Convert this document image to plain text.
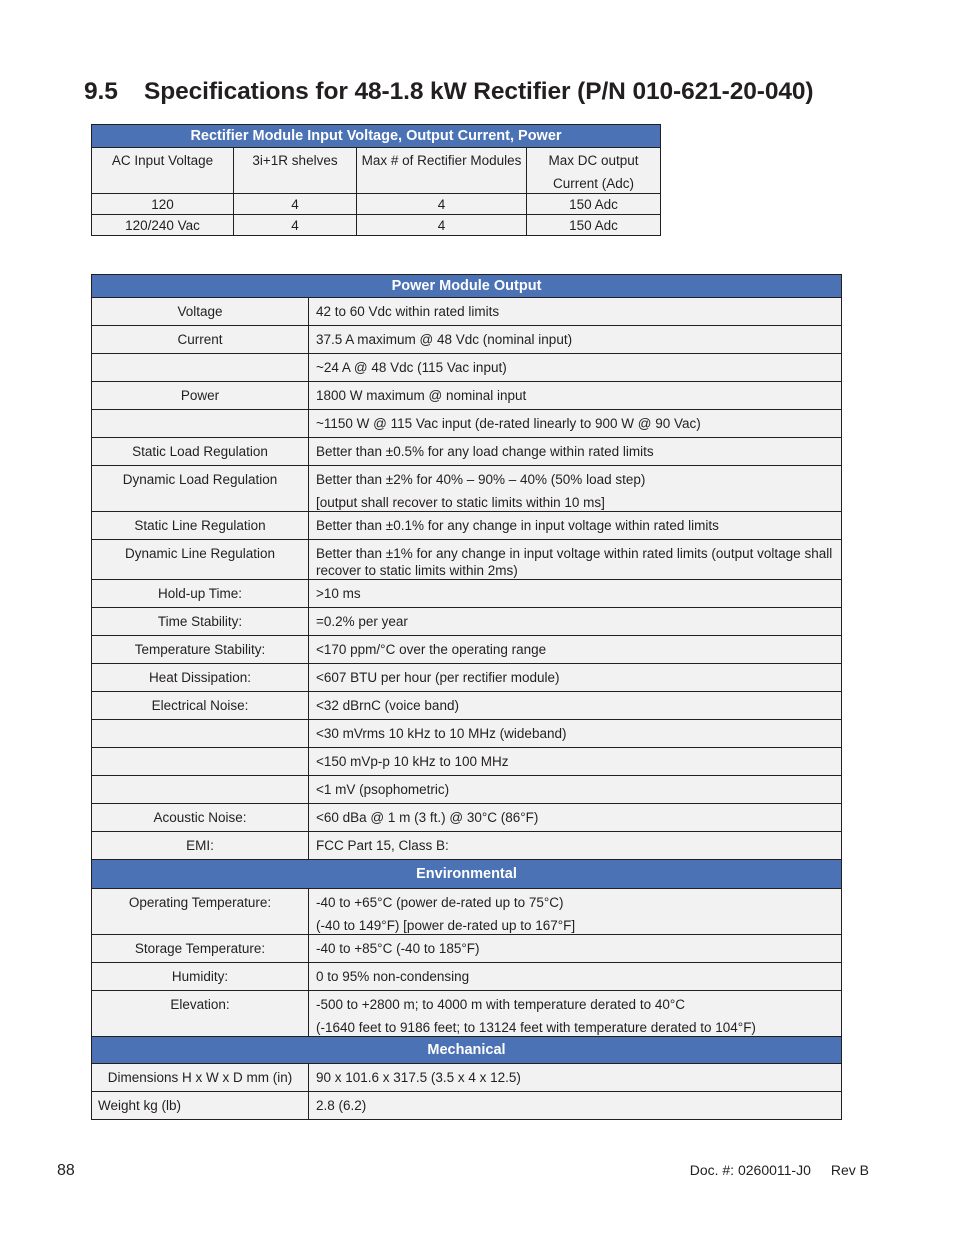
9.5 Specifications for 48-1.8 kW Rectifier (P/N 010-621-20-040)
Rectifier Module Input Voltage, Output Current, Power			
AC Input Voltage	3i+1R shelves	Max # of Rectifier Modules	Max DC output
Current (Adc)
120	4	4	150 Adc
120/240 Vac	4	4	150 Adc
Power Module Output	
Voltage	42 to 60 Vdc within rated limits
Current	37.5 A maximum @ 48 Vdc (nominal input)
	~24 A @ 48 Vdc (115 Vac input)
Power	1800 W maximum @ nominal input
	~1150 W @ 115 Vac input (de-rated linearly to 900 W @ 90 Vac)
Static Load Regulation	Better than ±0.5% for any load change within rated limits
Dynamic Load Regulation	Better than ±2% for 40% – 90% – 40% (50% load step)
[output shall recover to static limits within 10 ms]

Static Line Regulation	Better than ±0.1% for any change in input voltage within rated limits
Dynamic Line Regulation	Better than ±1% for any change in input voltage within rated limits (output voltage shall recover to static limits within 2ms)
Hold-up Time:	>10 ms
Time Stability:	=0.2% per year
Temperature Stability:	<170 ppm/°C over the operating range
Heat Dissipation:	<607 BTU per hour (per rectifier module)
Electrical Noise:	<32 dBrnC (voice band)
	<30 mVrms 10 kHz to 10 MHz (wideband)
	<150 mVp-p 10 kHz to 100 MHz
	<1 mV (psophometric)
Acoustic Noise:	<60 dBa @ 1 m (3 ft.) @ 30°C (86°F)
EMI:	FCC Part 15, Class B:
Environmental	
Operating Temperature:	-40 to +65°C (power de-rated up to 75°C)
(-40 to 149°F) [power de-rated up to 167°F]

Storage Temperature:	-40 to +85°C (-40 to 185°F)
Humidity:	0 to 95% non-condensing
Elevation:	-500 to +2800 m; to 4000 m with temperature derated to 40°C
(-1640 feet to 9186 feet; to 13124 feet with temperature derated to 104°F)

Mechanical	
Dimensions H x W x D mm (in)	90 x 101.6 x 317.5 (3.5 x 4 x 12.5)
Weight kg (lb)	2.8 (6.2)
88	Doc. #: 0260011-J0 Rev B
